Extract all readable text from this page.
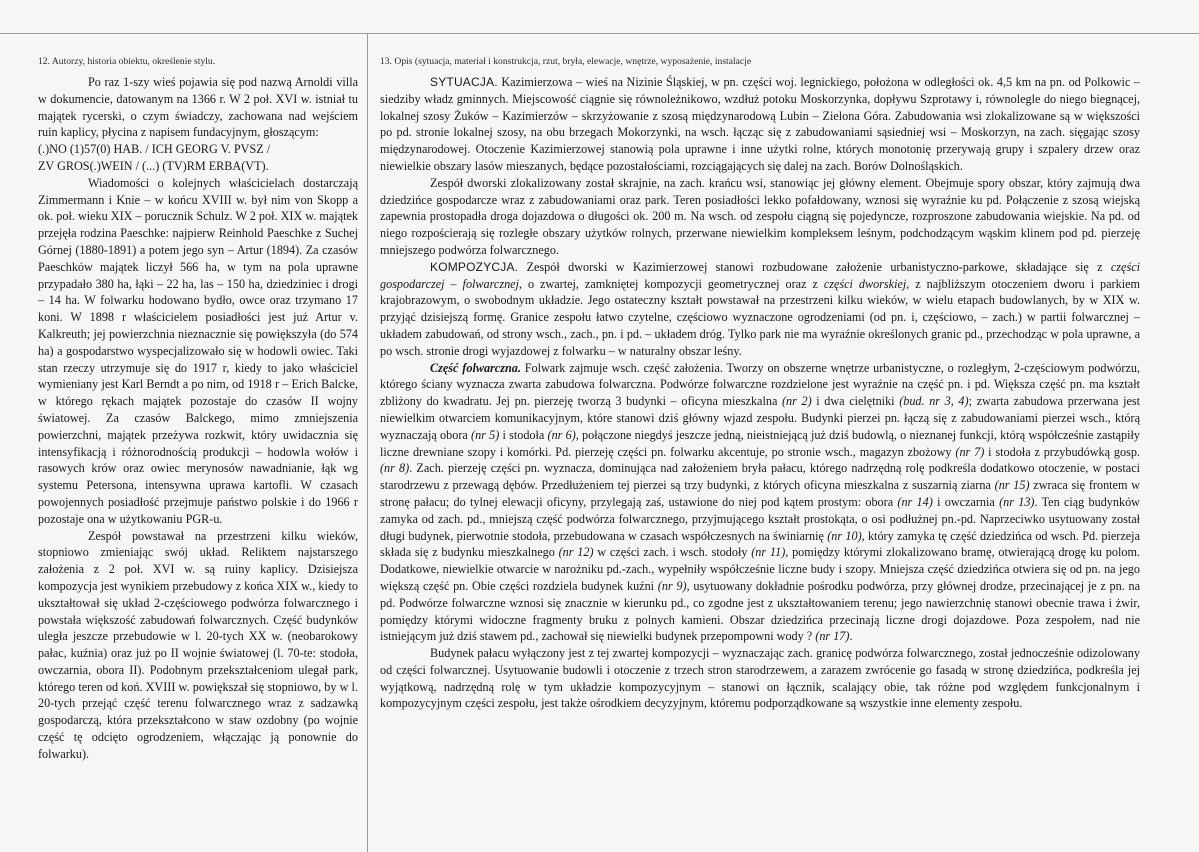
12. Autorzy, historia obiektu, określenie stylu.

Po raz 1-szy wieś pojawia się pod nazwą Arnoldi villa w dokumencie, datowanym na 1366 r. W 2 poł. XVI w. istniał tu majątek rycerski, o czym świadczy, zachowana nad wejściem ruin kaplicy, płycina z napisem fundacyjnym, głoszącym:
(.)NO (1)57(0) HAB. / ICH GEORG V. PVSZ /

ZV GROS(.)WEIN / (...) (TV)RM ERBA(VT).

Wiadomości o kolejnych właścicielach dostarczają Zimmermann i Knie – w końcu XVIII w. był nim von Skopp a ok. poł. wieku XIX – porucznik Schulz. W 2 poł. XIX w. majątek przejęła rodzina Paeschke: najpierw Reinhold Paeschke z Suchej Górnej (1880-1891) a potem jego syn – Artur (1894). Za czasów Paeschków majątek liczył 566 ha, w tym na pola uprawne przypadało 380 ha, łąki – 22 ha, las – 150 ha, dziedziniec i drogi – 14 ha. W folwarku hodowano bydło, owce oraz trzymano 17 koni. W 1898 r właścicielem posiadłości jest już Artur v. Kalkreuth; jej powierzchnia nieznacznie się powiększyła (do 574 ha) a gospodarstwo wyspecjalizowało się w hodowli owiec. Taki stan rzeczy utrzymuje się do 1917 r, kiedy to jako właściciel wymieniany jest Karl Berndt a po nim, od 1918 r – Erich Balcke, w którego rękach majątek pozostaje do czasów II wojny światowej. Za czasów Balckego, mimo zmniejszenia powierzchni, majątek przeżywa rozkwit, który uwidacznia się intensyfikacją i różnorodnością produkcji – hodowla wołów i rasowych krów oraz owiec merynosów nawadnianie, łąk wg systemu Petersona, intensywna uprawa kartofli. W czasach powojennych posiadłość przejmuje państwo polskie i do 1966 r pozostaje ona w użytkowaniu PGR-u.

Zespół powstawał na przestrzeni kilku wieków, stopniowo zmieniając swój układ. Reliktem najstarszego założenia z 2 poł. XVI w. są ruiny kaplicy. Dzisiejsza kompozycja jest wynikiem przebudowy z końca XIX w., kiedy to ukształtował się układ 2-częściowego podwórza folwarcznego i powstała większość zabudowań folwarcznych. Część budynków uległa jeszcze przebudowie w l. 20-tych XX w. (neobarokowy pałac, kuźnia) oraz już po II wojnie światowej (l. 70-te: stodoła, owczarnia, obora II). Podobnym przekształceniom ulegał park, którego teren od koń. XVIII w. powiększał się stopniowo, by w l. 20-tych przejąć część terenu folwarcznego wraz z sadzawką gospodarczą, która przekształcono w staw ozdobny (po wojnie część tę odcięto ogrodzeniem, włączając ją ponownie do folwarku).

13. Opis (sytuacja, materiał i konstrukcja, rzut, bryła, elewacje, wnętrze, wyposażenie, instalacje

SYTUACJA. Kazimierzowa – wieś na Nizinie Śląskiej, w pn. części woj. legnickiego, położona w odległości ok. 4,5 km na pn. od Polkowic – siedziby władz gminnych. Miejscowość ciągnie się równoleżnikowo, wzdłuż potoku Moskorzynka, dopływu Szprotawy i, równolegle do niego biegnącej, lokalnej szosy Żuków – Kazimierzów – skrzyżowanie z szosą międzynarodową Lubin – Zielona Góra. Zabudowania wsi zlokalizowane są w większości po pd. stronie lokalnej szosy, na obu brzegach Mokorzynki, na wsch. łącząc się z zabudowaniami sąsiedniej wsi – Moskorzyn, na zach. sięgając szosy międzynarodowej. Otoczenie Kazimierzowej stanowią pola uprawne i inne użytki rolne, których monotonię przerywają grupy i szpalery drzew oraz niewielkie obszary lasów mieszanych, będące pozostałościami, rozciągających się dalej na zach. Borów Dolnośląskich.

Zespół dworski zlokalizowany został skrajnie, na zach. krańcu wsi, stanowiąc jej główny element. Obejmuje spory obszar, który zajmują dwa dziedzińce gospodarcze wraz z zabudowaniami oraz park. Teren posiadłości lekko pofałdowany, wznosi się wyraźnie ku pd. Połączenie z szosą wiejską zapewnia prostopadła droga dojazdowa o długości ok. 200 m. Na wsch. od zespołu ciągną się pojedyncze, rozproszone zabudowania wiejskie. Na pd. od niego rozpościerają się rozległe obszary użytków rolnych, przerwane niewielkim kompleksem leśnym, podchodzącym wąskim klinem pod pd. pierzeję mniejszego podwórza folwarcznego.

KOMPOZYCJA. Zespół dworski w Kazimierzowej stanowi rozbudowane założenie urbanistyczno-parkowe, składające się z części gospodarczej – folwarcznej, o zwartej, zamkniętej kompozycji geometrycznej oraz z części dworskiej, z najbliższym otoczeniem dworu i parkiem krajobrazowym, o swobodnym układzie. Jego ostateczny kształt powstawał na przestrzeni kilku wieków, w wielu etapach budowlanych, by w XIX w. przyjąć dzisiejszą formę. Granice zespołu łatwo czytelne, częściowo wyznaczone ogrodzeniami (od pn. i, częściowo, – zach.) w partii folwarcznej – układem zabudowań, od strony wsch., zach., pn. i pd. – układem dróg. Tylko park nie ma wyraźnie określonych granic pd., przechodząc w pola uprawne, a po wsch. stronie drogi wyjazdowej z folwarku – w naturalny obszar leśny.

Część folwarczna. Folwark zajmuje wsch. część założenia. Tworzy on obszerne wnętrze urbanistyczne, o rozległym, 2-częściowym podwórzu, którego ściany wyznacza zwarta zabudowa folwarczna. Podwórze folwarczne rozdzielone jest wyraźnie na część pn. i pd. Większa część pn. ma kształt zbliżony do kwadratu. Jej pn. pierzeję tworzą 3 budynki – oficyna mieszkalna (nr 2) i dwa cielętniki (bud. nr 3, 4); zwarta zabudowa przerwana jest niewielkim otwarciem komunikacyjnym, które stanowi dziś główny wjazd zespołu. Budynki pierzei pn. łączą się z zabudowaniami pierzei wsch., którą wyznaczają obora (nr 5) i stodoła (nr 6), połączone niegdyś jeszcze jedną, nieistniejącą już dziś budowlą, o nieznanej funkcji, którą współcześnie zastąpiły liczne drewniane szopy i komórki. Pd. pierzeję części pn. folwarku akcentuje, po stronie wsch., magazyn zbożowy (nr 7) i stodoła z przybudówką gosp. (nr 8). Zach. pierzeję części pn. wyznacza, dominująca nad założeniem bryła pałacu, którego nadrzędną rolę podkreśla dodatkowo otoczenie, w postaci starodrzewu z przewagą dębów. Przedłużeniem tej pierzei są trzy budynki, z których oficyna mieszkalna z suszarnią ziarna (nr 15) zwraca się frontem w stronę pałacu; do tylnej elewacji oficyny, przylegają zaś, ustawione do niej pod kątem prostym: obora (nr 14) i owczarnia (nr 13). Ten ciąg budynków zamyka od zach. pd., mniejszą część podwórza folwarcznego, przyjmującego kształt prostokąta, o osi podłużnej pn.-pd. Naprzeciwko usytuowany został długi budynek, pierwotnie stodoła, przebudowana w czasach współczesnych na świniarnię (nr 10), który zamyka tę część dziedzińca od wsch. Pd. pierzeja składa się z budynku mieszkalnego (nr 12) w części zach. i wsch. stodoły (nr 11), pomiędzy którymi zlokalizowano bramę, otwierającą drogę ku polom. Dodatkowe, niewielkie otwarcie w narożniku pd.-zach., wypełniły współcześnie liczne budy i szopy. Mniejsza część dziedzińca otwiera się od pn. na jego większą część pn. Obie części rozdziela budynek kuźni (nr 9), usytuowany dokładnie pośrodku podwórza, przy głównej drodze, przecinającej je z pn. na pd. Podwórze folwarczne wznosi się znacznie w kierunku pd., co zgodne jest z ukształtowaniem terenu; jego nawierzchnię stanowi obecnie trawa i żwir, pomiędzy którymi widoczne fragmenty bruku z polnych kamieni. Obszar dziedzińca przecinają liczne drogi dojazdowe. Poza zespołem, nad nie istniejącym już dziś stawem pd., zachował się niewielki budynek przepompowni wody ? (nr 17).

Budynek pałacu wyłączony jest z tej zwartej kompozycji – wyznaczając zach. granicę podwórza folwarcznego, został jednocześnie odizolowany od części folwarcznej. Usytuowanie budowli i otoczenie z trzech stron starodrzewem, a zarazem zwrócenie go fasadą w stronę dziedzińca, podkreśla jej wyjątkową, nadrzędną rolę w tym układzie kompozycyjnym – stanowi on łącznik, scalający obie, tak różne pod względem funkcjonalnym i kompozycyjnym części zespołu, jest także ośrodkiem decyzyjnym, któremu podporządkowane są wszystkie inne elementy zespołu.
